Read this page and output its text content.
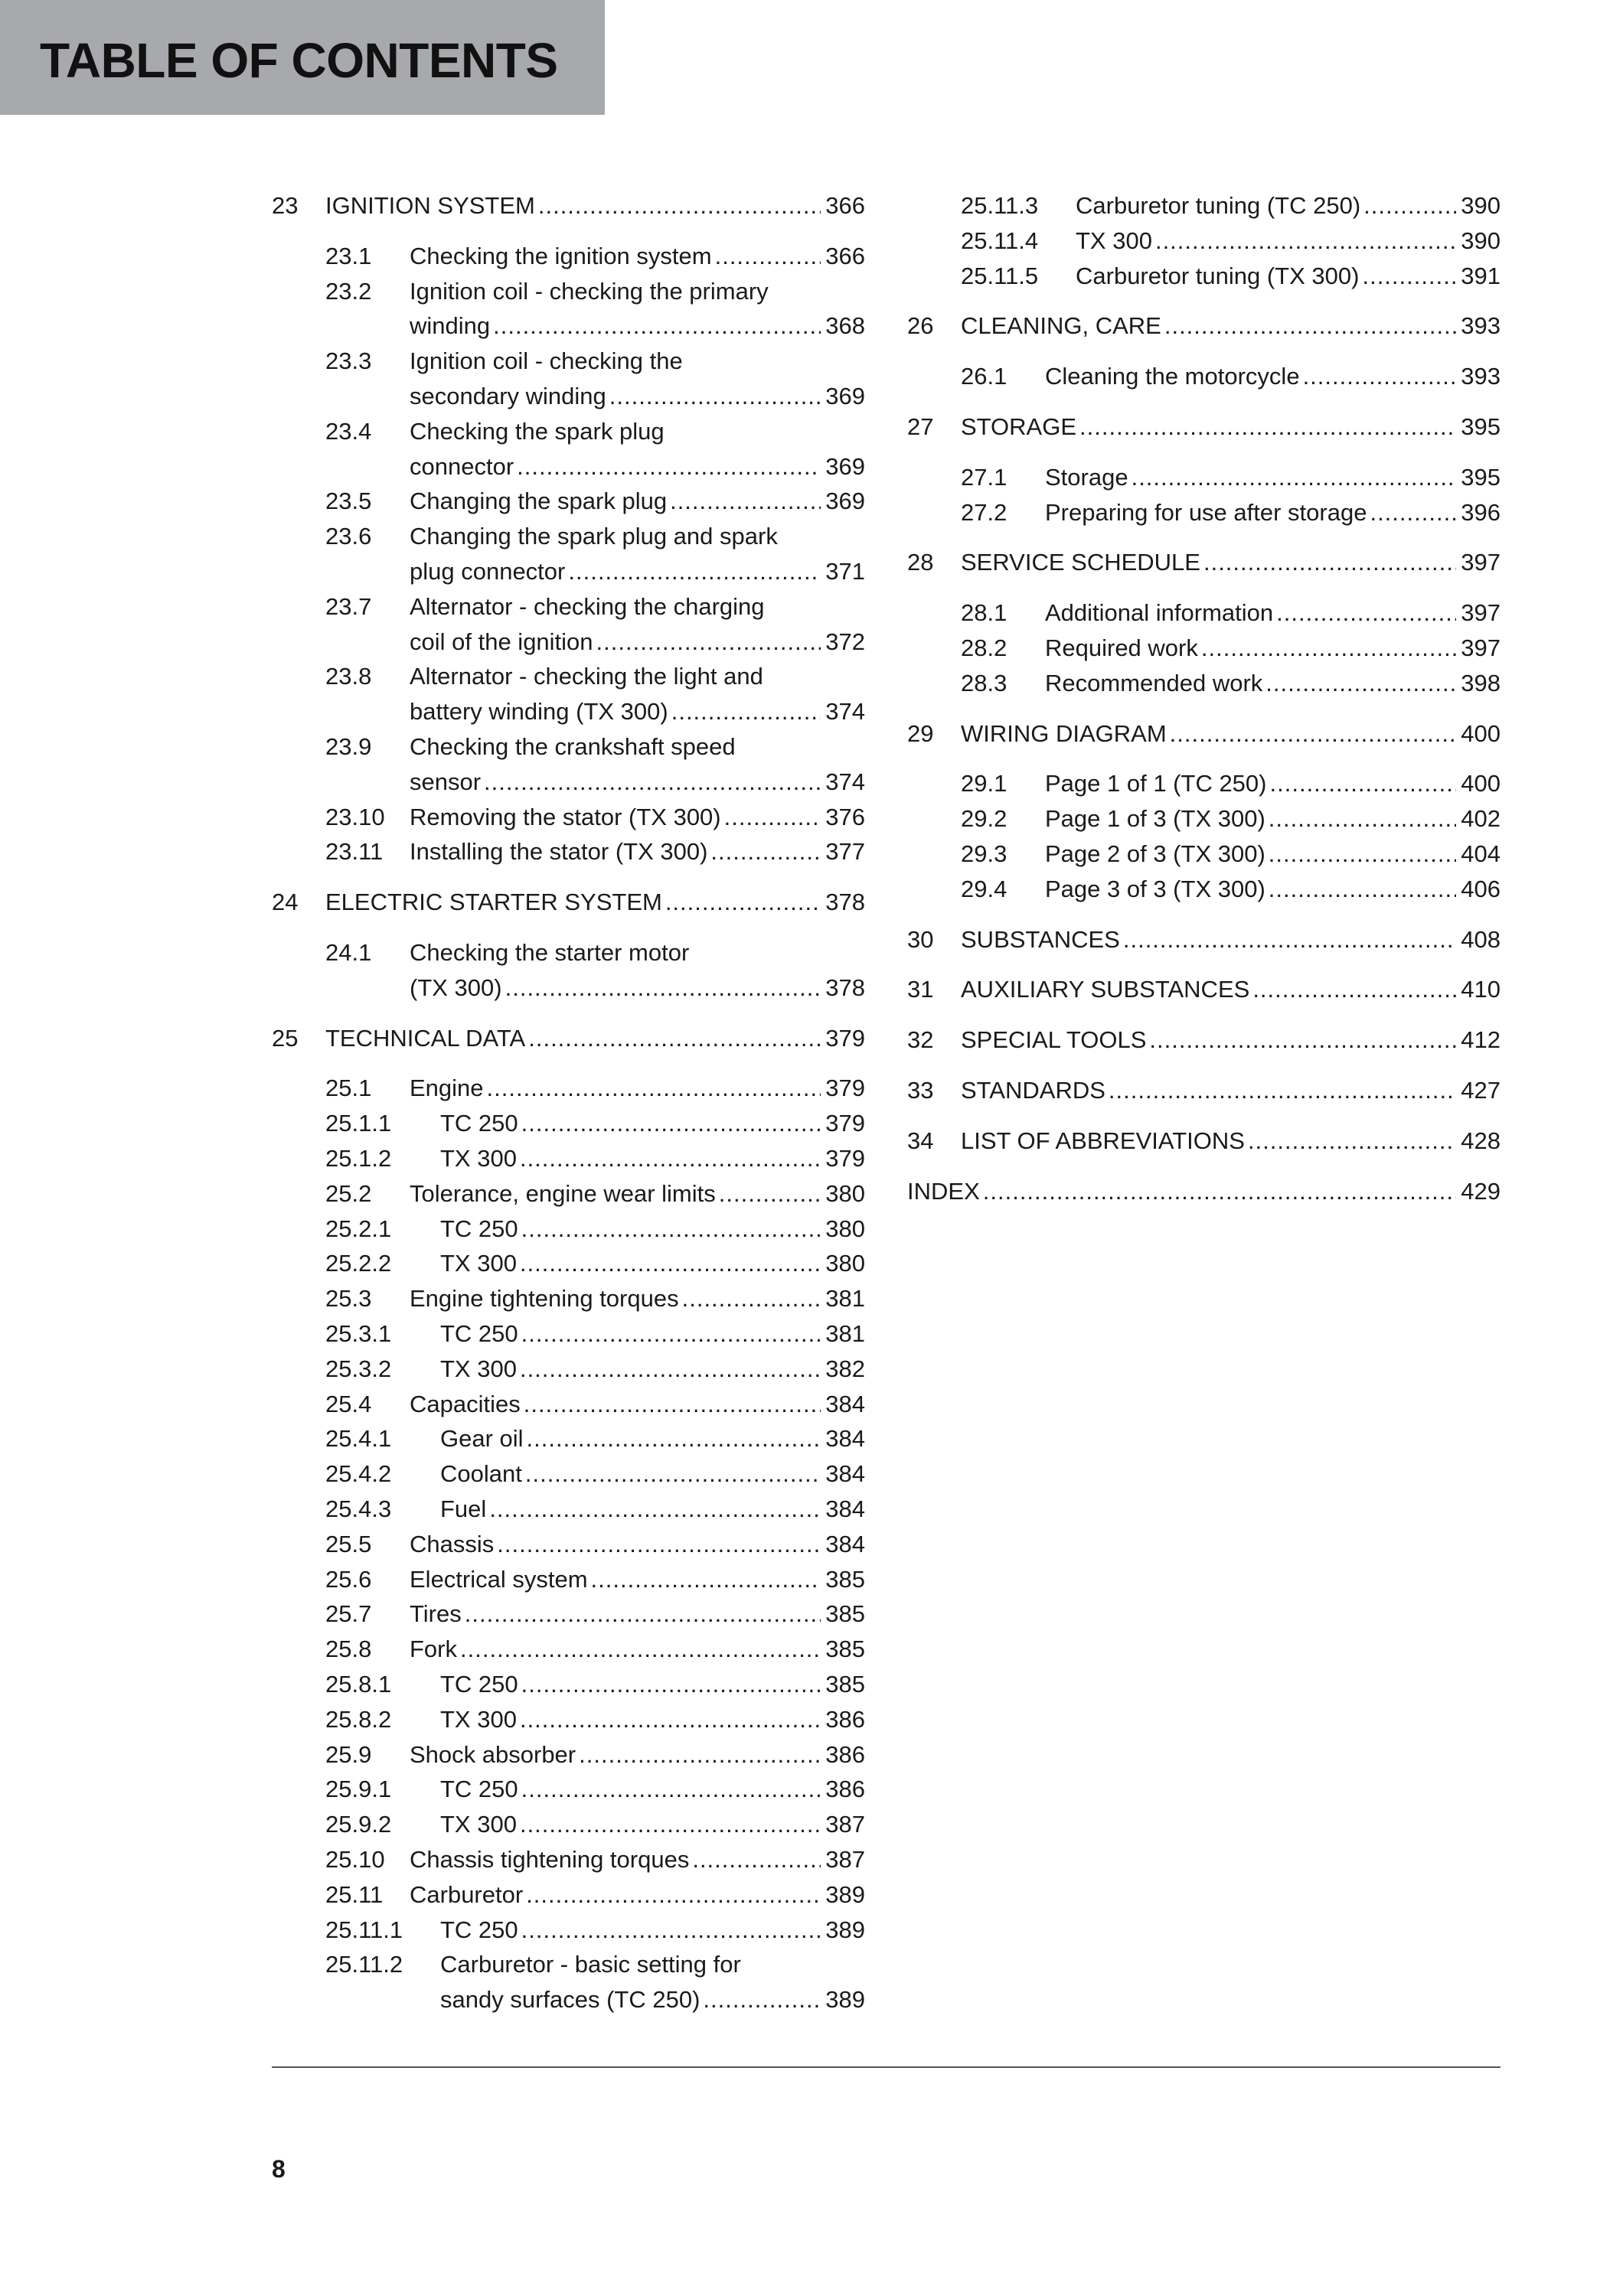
TABLE OF CONTENTS
23 IGNITION SYSTEM .....	366
23.1 Checking the ignition system .....	366
23.2 Ignition coil - checking the primary
winding .....	368
23.3 Ignition coil - checking the
secondary winding .....	369
23.4 Checking the spark plug
connector .....	369
23.5 Changing the spark plug .....	369
23.6 Changing the spark plug and spark
plug connector .....	371
23.7 Alternator - checking the charging
coil of the ignition .....	372
23.8 Alternator - checking the light and
battery winding (TX 300) .....	374
23.9 Checking the crankshaft speed
sensor .....	374
23.10 Removing the stator (TX 300) .....	376
23.11 Installing the stator (TX 300) .....	377
24 ELECTRIC STARTER SYSTEM .....	378
24.1 Checking the starter motor
(TX 300) .....	378
25 TECHNICAL DATA .....	379
25.1 Engine .....	379
25.1.1 TC 250 .....	379
25.1.2 TX 300 .....	379
25.2 Tolerance, engine wear limits .....	380
25.2.1 TC 250 .....	380
25.2.2 TX 300 .....	380
25.3 Engine tightening torques .....	381
25.3.1 TC 250 .....	381
25.3.2 TX 300 .....	382
25.4 Capacities .....	384
25.4.1 Gear oil .....	384
25.4.2 Coolant .....	384
25.4.3 Fuel .....	384
25.5 Chassis .....	384
25.6 Electrical system .....	385
25.7 Tires .....	385
25.8 Fork .....	385
25.8.1 TC 250 .....	385
25.8.2 TX 300 .....	386
25.9 Shock absorber .....	386
25.9.1 TC 250 .....	386
25.9.2 TX 300 .....	387
25.10 Chassis tightening torques .....	387
25.11 Carburetor .....	389
25.11.1 TC 250 .....	389
25.11.2 Carburetor - basic setting for
sandy surfaces (TC 250) .....	389
25.11.3 Carburetor tuning (TC 250) .....	390
25.11.4 TX 300 .....	390
25.11.5 Carburetor tuning (TX 300) .....	391
26 CLEANING, CARE .....	393
26.1 Cleaning the motorcycle .....	393
27 STORAGE .....	395
27.1 Storage .....	395
27.2 Preparing for use after storage .....	396
28 SERVICE SCHEDULE .....	397
28.1 Additional information .....	397
28.2 Required work .....	397
28.3 Recommended work .....	398
29 WIRING DIAGRAM .....	400
29.1 Page 1 of 1 (TC 250) .....	400
29.2 Page 1 of 3 (TX 300) .....	402
29.3 Page 2 of 3 (TX 300) .....	404
29.4 Page 3 of 3 (TX 300) .....	406
30 SUBSTANCES .....	408
31 AUXILIARY SUBSTANCES .....	410
32 SPECIAL TOOLS .....	412
33 STANDARDS .....	427
34 LIST OF ABBREVIATIONS .....	428
INDEX .....	429
8
